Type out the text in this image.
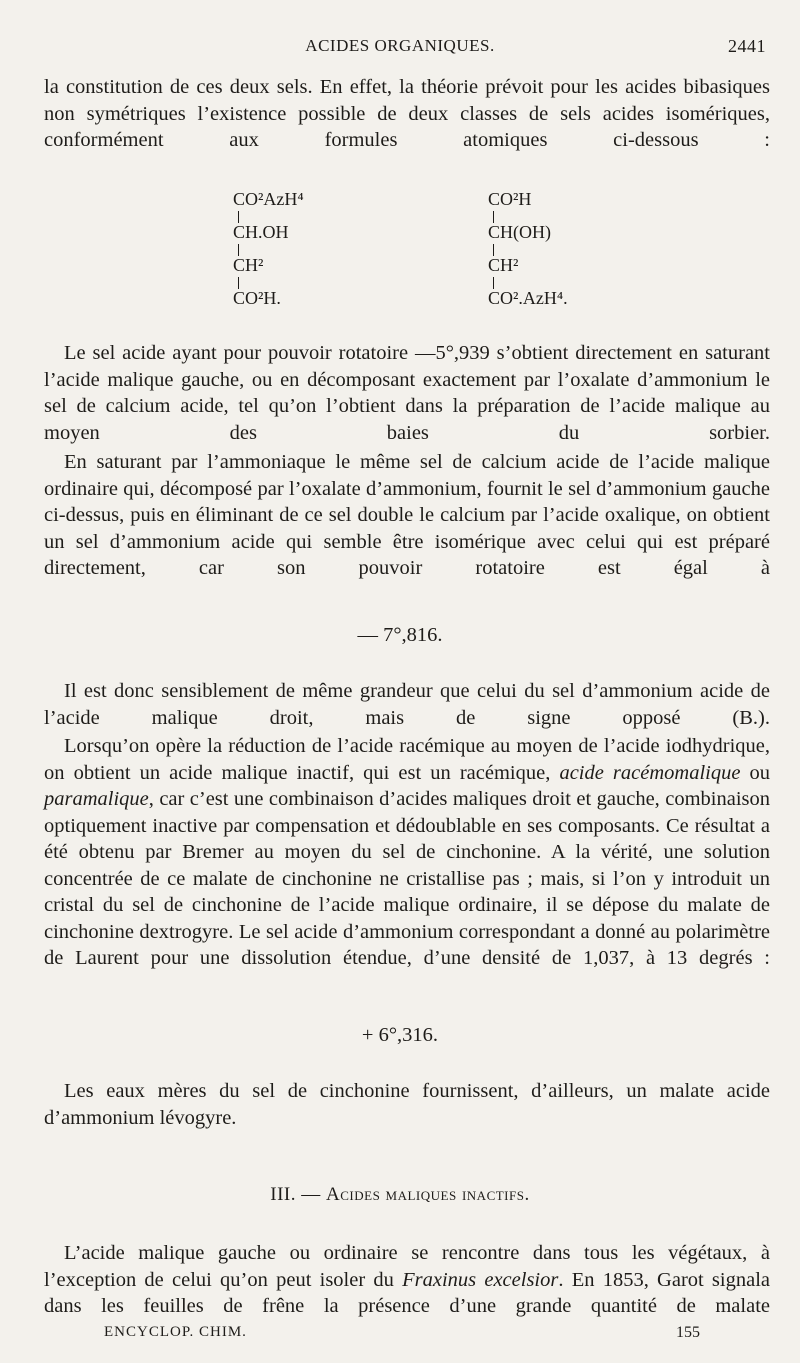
ACIDES ORGANIQUES.	2441

la constitution de ces deux sels. En effet, la théorie prévoit pour les acides bibasiques non symétriques l’existence possible de deux classes de sels acides isomériques, conformément aux formules atomiques ci-dessous :

CO²AzH⁴
CH.OH
CH²
CO²H.
CO²H
CH(OH)
CH²
CO².AzH⁴.

Le sel acide ayant pour pouvoir rotatoire —5°,939 s’obtient directement en saturant l’acide malique gauche, ou en décomposant exactement par l’oxalate d’ammonium le sel de calcium acide, tel qu’on l’obtient dans la préparation de l’acide malique au moyen des baies du sorbier.

En saturant par l’ammoniaque le même sel de calcium acide de l’acide malique ordinaire qui, décomposé par l’oxalate d’ammonium, fournit le sel d’ammonium gauche ci-dessus, puis en éliminant de ce sel double le calcium par l’acide oxalique, on obtient un sel d’ammonium acide qui semble être isomérique avec celui qui est préparé directement, car son pouvoir rotatoire est égal à

— 7°,816.

Il est donc sensiblement de même grandeur que celui du sel d’ammonium acide de l’acide malique droit, mais de signe opposé (B.).

Lorsqu’on opère la réduction de l’acide racémique au moyen de l’acide iodhydrique, on obtient un acide malique inactif, qui est un racémique, acide racémomalique ou paramalique, car c’est une combinaison d’acides maliques droit et gauche, combinaison optiquement inactive par compensation et dédoublable en ses composants. Ce résultat a été obtenu par Bremer au moyen du sel de cinchonine. A la vérité, une solution concentrée de ce malate de cinchonine ne cristallise pas ; mais, si l’on y introduit un cristal du sel de cinchonine de l’acide malique ordinaire, il se dépose du malate de cinchonine dextrogyre. Le sel acide d’ammonium correspondant a donné au polarimètre de Laurent pour une dissolution étendue, d’une densité de 1,037, à 13 degrés :

+ 6°,316.

Les eaux mères du sel de cinchonine fournissent, d’ailleurs, un malate acide d’ammonium lévogyre.

III. — Acides maliques inactifs.

L’acide malique gauche ou ordinaire se rencontre dans tous les végétaux, à l’exception de celui qu’on peut isoler du Fraxinus excelsior. En 1853, Garot signala dans les feuilles de frêne la présence d’une grande quantité de malate

ENCYCLOP. CHIM.	155
